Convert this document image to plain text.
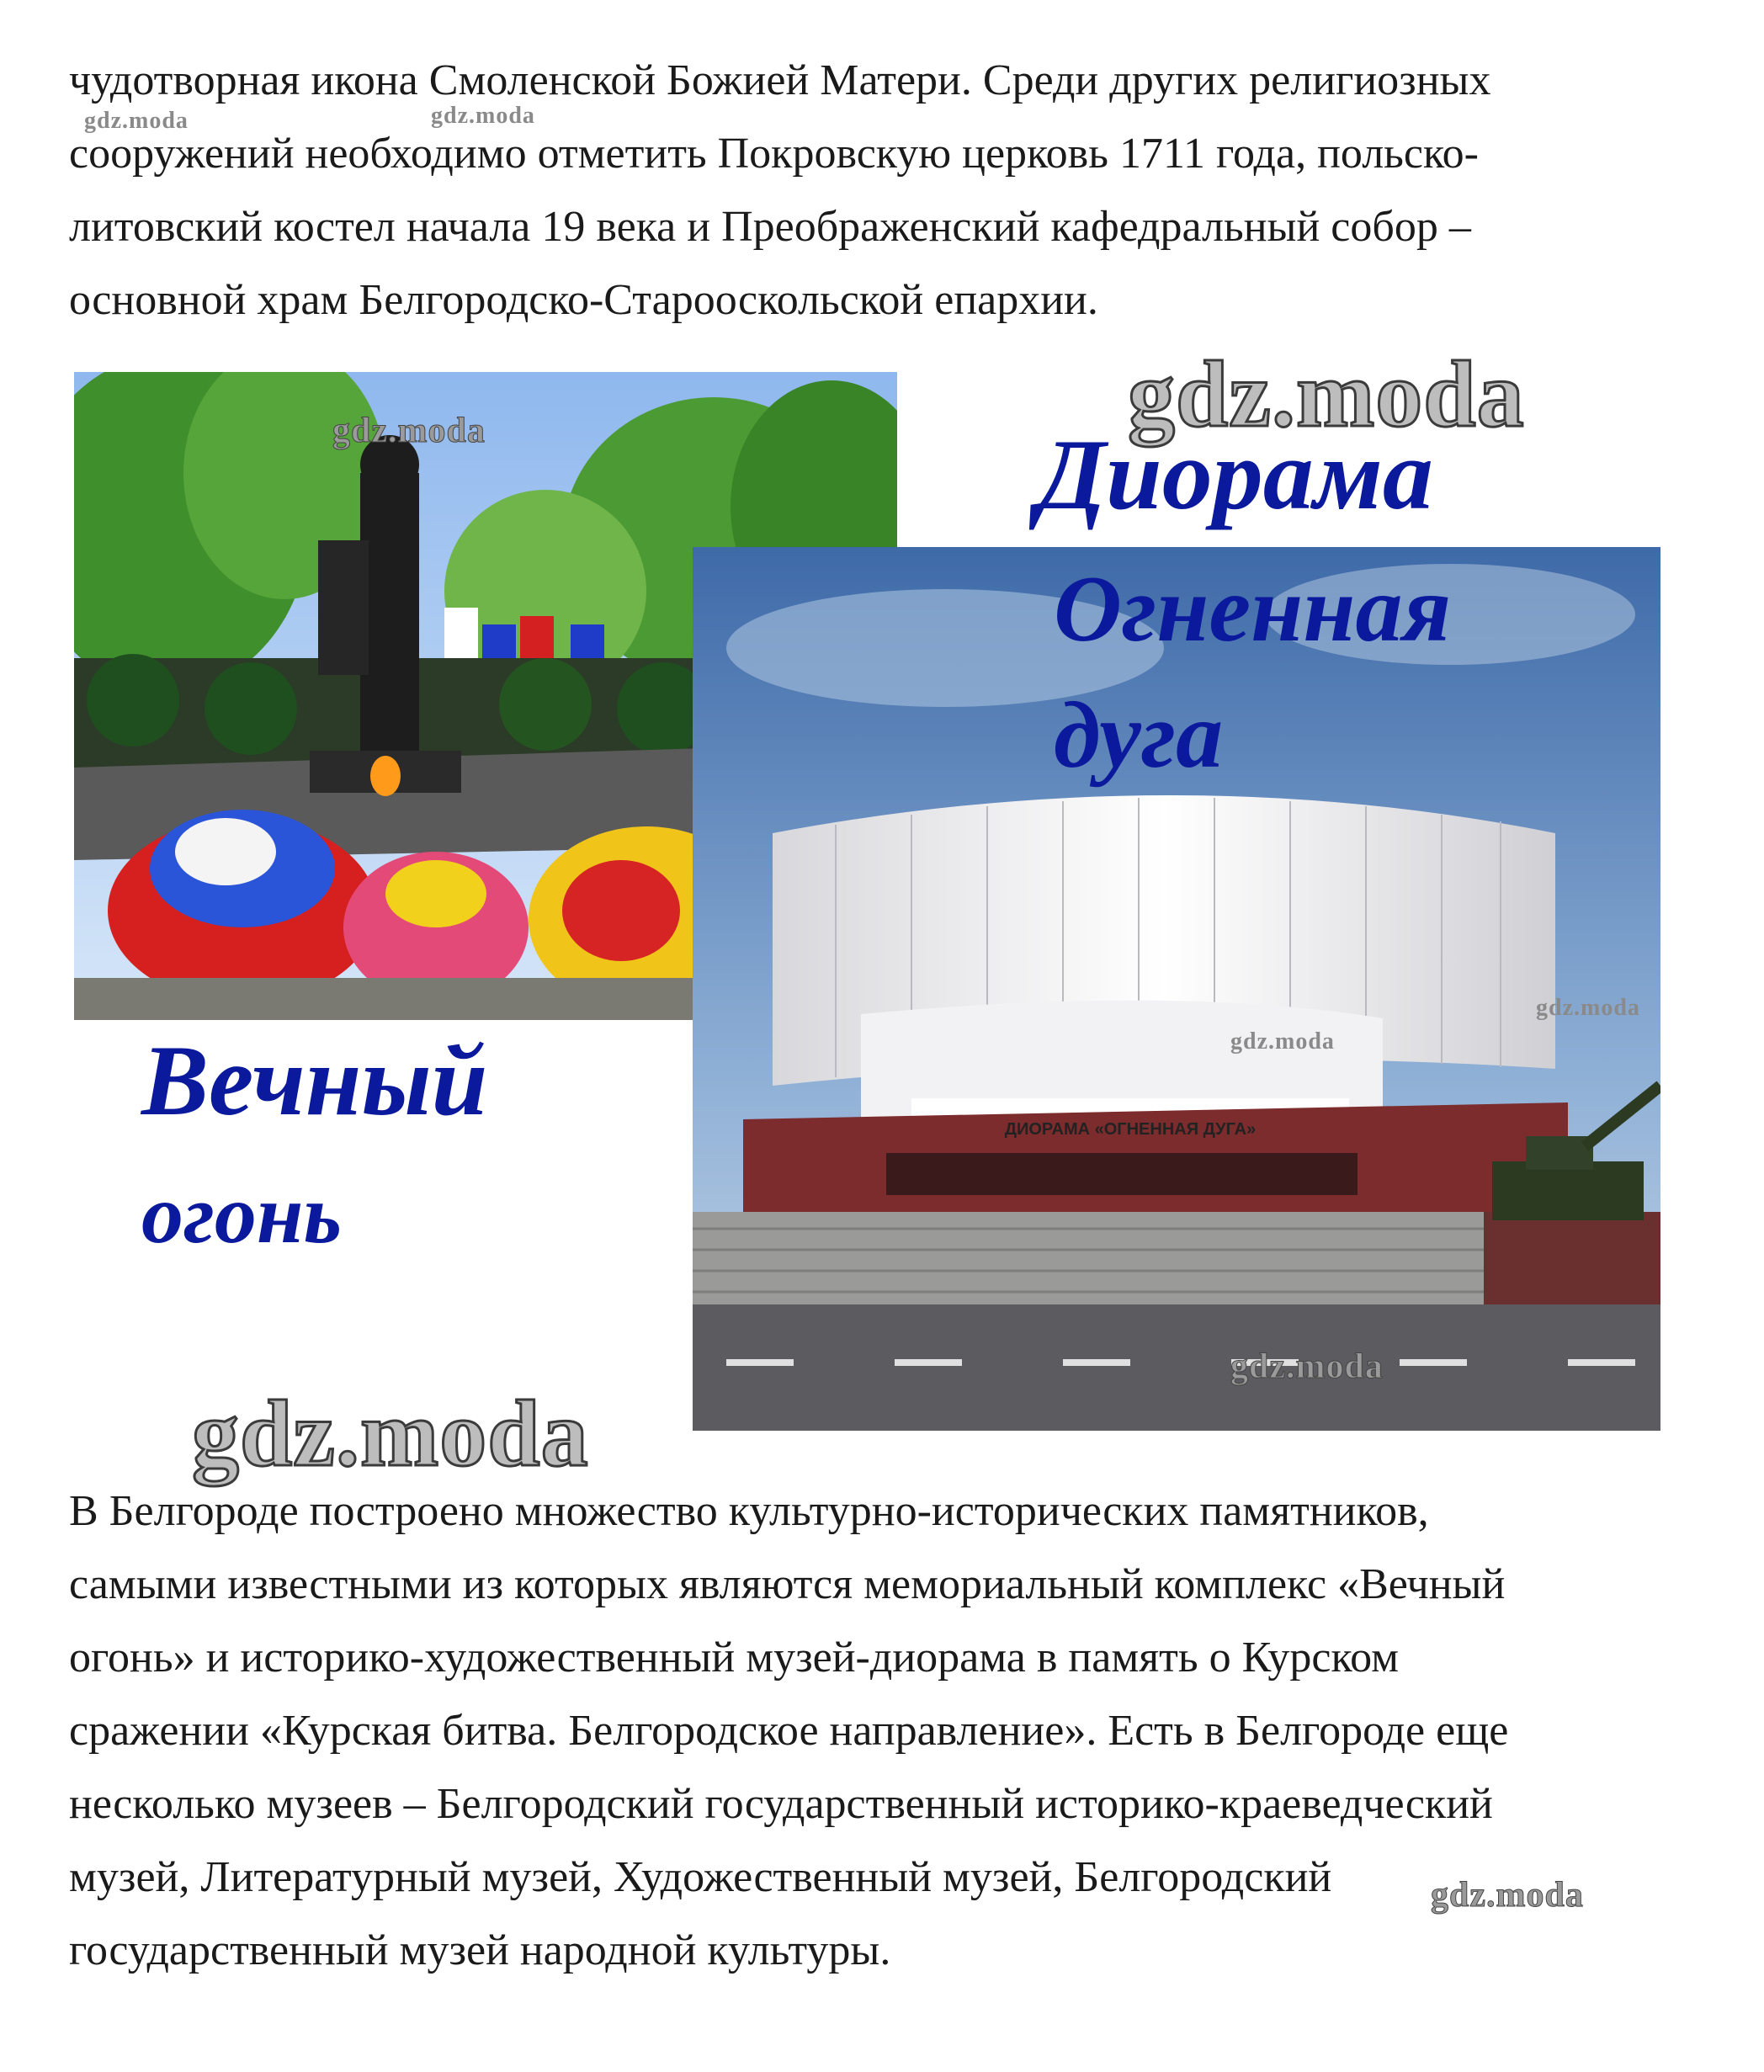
чудотворная икона Смоленской Божией Матери. Среди других религиозных
сооружений необходимо отметить Покровскую церковь 1711 года, польско-
литовский костел начала 19 века и Преображенский кафедральный собор –
основной храм Белгородско-Старооскольской епархии.

ДИОРАМА «ОГНЕННАЯ ДУГА»

Вечный

огонь

Диорама

Огненная

дуга

В Белгороде построено множество культурно-исторических памятников,
самыми известными из которых являются мемориальный комплекс «Вечный
огонь» и историко-художественный музей-диорама в память о Курском
сражении «Курская битва. Белгородское направление». Есть в Белгороде еще
несколько музеев – Белгородский государственный историко-краеведческий
музей, Литературный музей, Художественный музей, Белгородский
государственный музей народной культуры.

gdz.moda	gdz.moda
gdz.moda
gdz.moda
gdz.moda
gdz.moda
gdz.moda
gdz.moda
gdz.moda
